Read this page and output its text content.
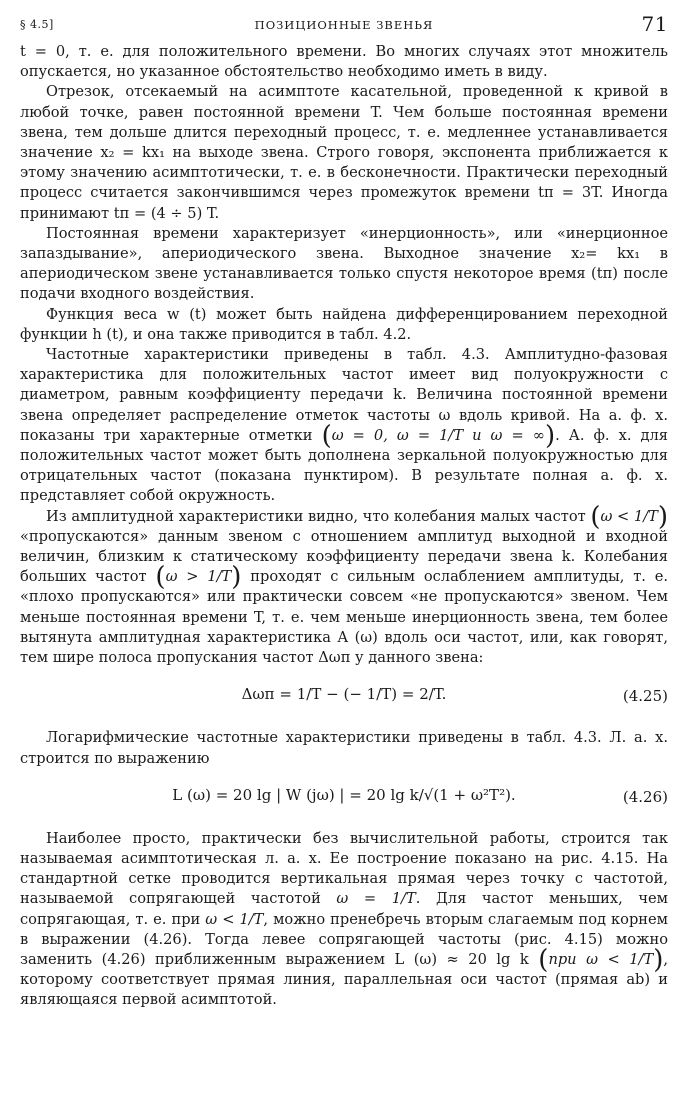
§ 4.5]	ПОЗИЦИОННЫЕ ЗВЕНЬЯ	71

t = 0, т. е. для положительного времени. Во многих случаях этот множитель опускается, но указанное обстоятельство необходимо иметь в виду.

Отрезок, отсекаемый на асимптоте касательной, проведенной к кривой в любой точке, равен постоянной времени T. Чем больше постоянная времени звена, тем дольше длится переходный процесс, т. е. медленнее устанавливается значение x₂ = kx₁ на выходе звена. Строго говоря, экспонента приближается к этому значению асимптотически, т. е. в бесконечности. Практически переходный процесс считается закончившимся через промежуток времени tп = 3T. Иногда принимают tп = (4 ÷ 5) T.

Постоянная времени характеризует «инерционность», или «инерционное запаздывание», апериодического звена. Выходное значение x₂= kx₁ в апериодическом звене устанавливается только спустя некоторое время (tп) после подачи входного воздействия.

Функция веса w (t) может быть найдена дифференцированием переходной функции h (t), и она также приводится в табл. 4.2.

Частотные характеристики приведены в табл. 4.3. Амплитудно-фазовая характеристика для положительных частот имеет вид полуокружности с диаметром, равным коэффициенту передачи k. Величина постоянной времени звена определяет распределение отметок частоты ω вдоль кривой. На а. ф. х. показаны три характерные отметки (ω = 0, ω = 1/T и ω = ∞). А. ф. х. для положительных частот может быть дополнена зеркальной полуокружностью для отрицательных частот (показана пунктиром). В результате полная а. ф. х. представляет собой окружность.

Из амплитудной характеристики видно, что колебания малых частот (ω < 1/T) «пропускаются» данным звеном с отношением амплитуд выходной и входной величин, близким к статическому коэффициенту передачи звена k. Колебания больших частот (ω > 1/T) проходят с сильным ослаблением амплитуды, т. е. «плохо пропускаются» или практически совсем «не пропускаются» звеном. Чем меньше постоянная времени T, т. е. чем меньше инерционность звена, тем более вытянута амплитудная характеристика A (ω) вдоль оси частот, или, как говорят, тем шире полоса пропускания частот Δωп у данного звена:

Δωп = 1/T − (− 1/T) = 2/T.	(4.25)

Логарифмические частотные характеристики приведены в табл. 4.3. Л. а. х. строится по выражению

L (ω) = 20 lg | W (jω) | = 20 lg k/√(1 + ω²T²).	(4.26)

Наиболее просто, практически без вычислительной работы, строится так называемая асимптотическая л. а. х. Ее построение показано на рис. 4.15. На стандартной сетке проводится вертикальная прямая через точку с частотой, называемой сопрягающей частотой ω = 1/T. Для частот меньших, чем сопрягающая, т. е. при ω < 1/T, можно пренебречь вторым слагаемым под корнем в выражении (4.26). Тогда левее сопрягающей частоты (рис. 4.15) можно заменить (4.26) приближенным выражением L (ω) ≈ 20 lg k (при ω < 1/T), которому соответствует прямая линия, параллельная оси частот (прямая ab) и являющаяся первой асимптотой.
